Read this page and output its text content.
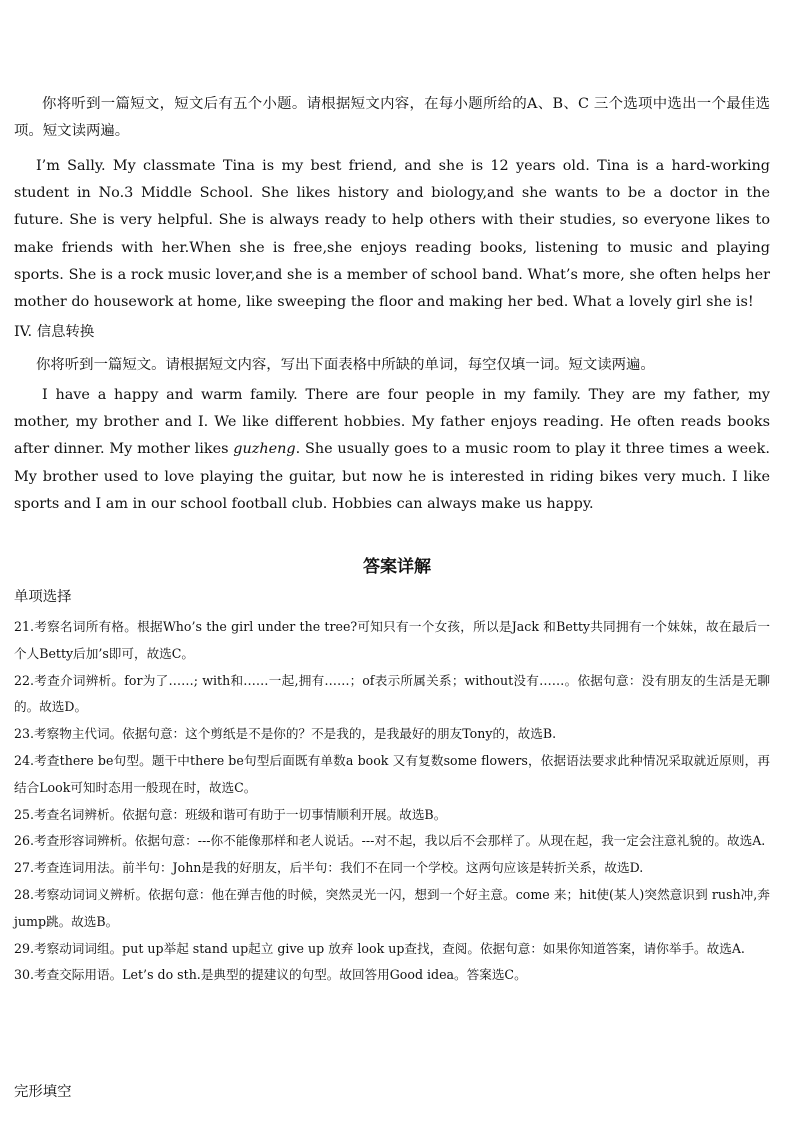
你将听到一篇短文，短文后有五个小题。请根据短文内容，在每小题所给的A、B、C 三个选项中选出一个最佳选项。短文读两遍。
I’m Sally. My classmate Tina is my best friend, and she is 12 years old. Tina is a hard-working student in No.3 Middle School. She likes history and biology,and she wants to be a doctor in the future. She is very helpful. She is always ready to help others with their studies, so everyone likes to make friends with her.When she is free,she enjoys reading books, listening to music and playing sports. She is a rock music lover,and she is a member of school band. What’s more, she often helps her mother do housework at home, like sweeping the floor and making her bed. What a lovely girl she is!
IV. 信息转换
你将听到一篇短文。请根据短文内容，写出下面表格中所缺的单词，每空仅填一词。短文读两遍。
I have a happy and warm family. There are four people in my family. They are my father, my mother, my brother and I. We like different hobbies. My father enjoys reading. He often reads books after dinner. My mother likes guzheng. She usually goes to a music room to play it three times a week. My brother used to love playing the guitar, but now he is interested in riding bikes very much. I like sports and I am in our school football club. Hobbies can always make us happy.
答案详解
单项选择

21.考察名词所有格。根据Who’s the girl under the tree?可知只有一个女孩，所以是Jack 和Betty共同拥有一个妹妹，故在最后一个人Betty后加’s即可，故选C。

22.考查介词辨析。for为了……; with和……一起,拥有……；of表示所属关系；without没有……。依据句意：没有朋友的生活是无聊的。故选D。

23.考察物主代词。依据句意：这个剪纸是不是你的？不是我的，是我最好的朋友Tony的，故选B.

24.考查there be句型。题干中there be句型后面既有单数a book 又有复数some flowers，依据语法要求此种情况采取就近原则，再结合Look可知时态用一般现在时，故选C。

25.考查名词辨析。依据句意：班级和谐可有助于一切事情顺利开展。故选B。

26.考查形容词辨析。依据句意：---你不能像那样和老人说话。---对不起，我以后不会那样了。从现在起，我一定会注意礼貌的。故选A.

27.考查连词用法。前半句：John是我的好朋友，后半句：我们不在同一个学校。这两句应该是转折关系，故选D.

28.考察动词词义辨析。依据句意：他在弹吉他的时候，突然灵光一闪，想到一个好主意。come 来；hit使(某人)突然意识到 rush冲,奔 jump跳。故选B。

29.考察动词词组。put up举起 stand up起立 give up 放弃 look up查找，查阅。依据句意：如果你知道答案，请你举手。故选A.

30.考查交际用语。Let’s do sth.是典型的提建议的句型。故回答用Good idea。答案选C。

完形填空
